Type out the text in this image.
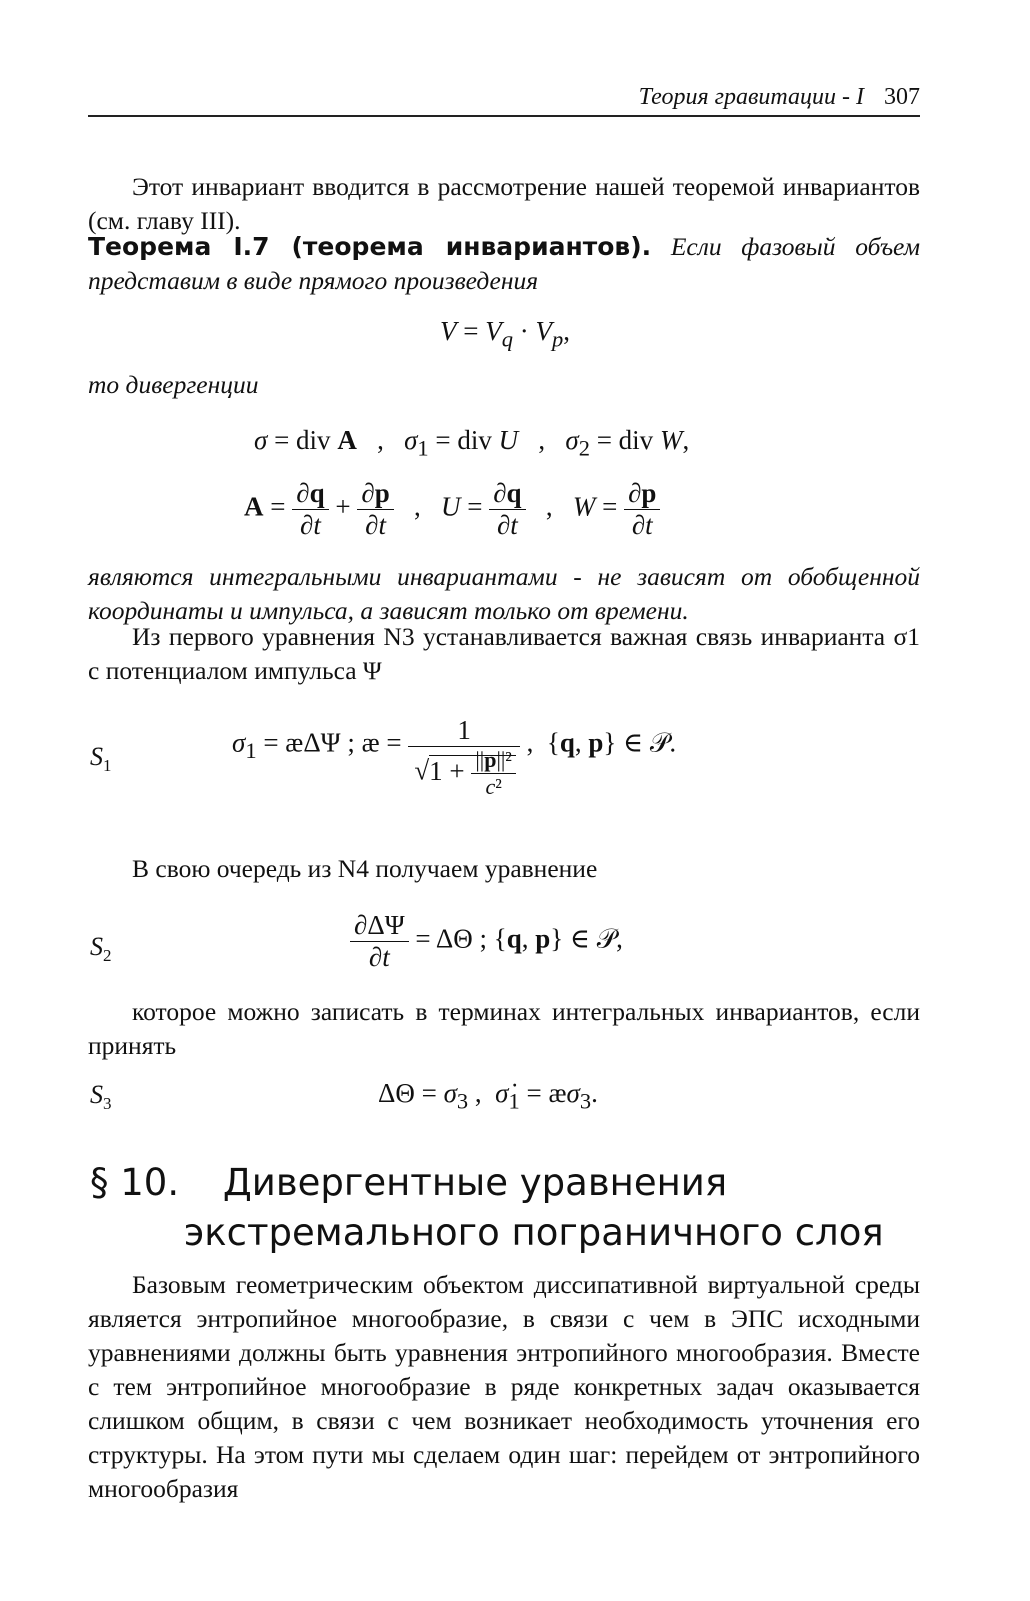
Теория гравитации - I 307
Этот инвариант вводится в рассмотрение нашей теоремой инвариантов (см. главу III).
Теорема I.7 (теорема инвариантов). Если фазовый объем представим в виде прямого произведения
$V = V_q \cdot V_p$,
то дивергенции
σ = div A   ,   $\sigma_1$ = div U   ,   $\sigma_2$ = div W,
$A = \frac{\partial q}{\partial t} + \frac{\partial p}{\partial t}$ ,   $U = \frac{\partial q}{\partial t}$ ,   $W = \frac{\partial p}{\partial t}$
являются интегральными инвариантами - не зависят от обобщенной координаты и импульса, а зависят только от времени.
Из первого уравнения N3 устанавливается важная связь инварианта σ1 с потенциалом импульса Ψ
$S_1$
$\sigma_1$ = æΔΨ ; æ = $\frac{1}{√1 + \frac{\text{||p||²}}{\text{c²}}}$ ,  {q, p} ∈ 𝒫.
В свою очередь из N4 получаем уравнение
$S_2$	$\frac{\partial\Delta\Psi}{\partial t} = \Delta\Theta$ ; {q, p} ∈ 𝒫,
которое можно записать в терминах интегральных инвариантов, если принять
$S_3$	$\Delta\Theta = \sigma_3$ ,  $\sigmȧ_1$ = $æ\sigma_3$.
§ 10. Дивергентные уравнения
экстремального пограничного слоя
Базовым геометрическим объектом диссипативной виртуальной среды является энтропийное многообразие, в связи с чем в ЭПС исходными уравнениями должны быть уравнения энтропийного многообразия. Вместе с тем энтропийное многообразие в ряде конкретных задач оказывается слишком общим, в связи с чем возникает необходимость уточнения его структуры. На этом пути мы сделаем один шаг: перейдем от энтропийного многообразия
